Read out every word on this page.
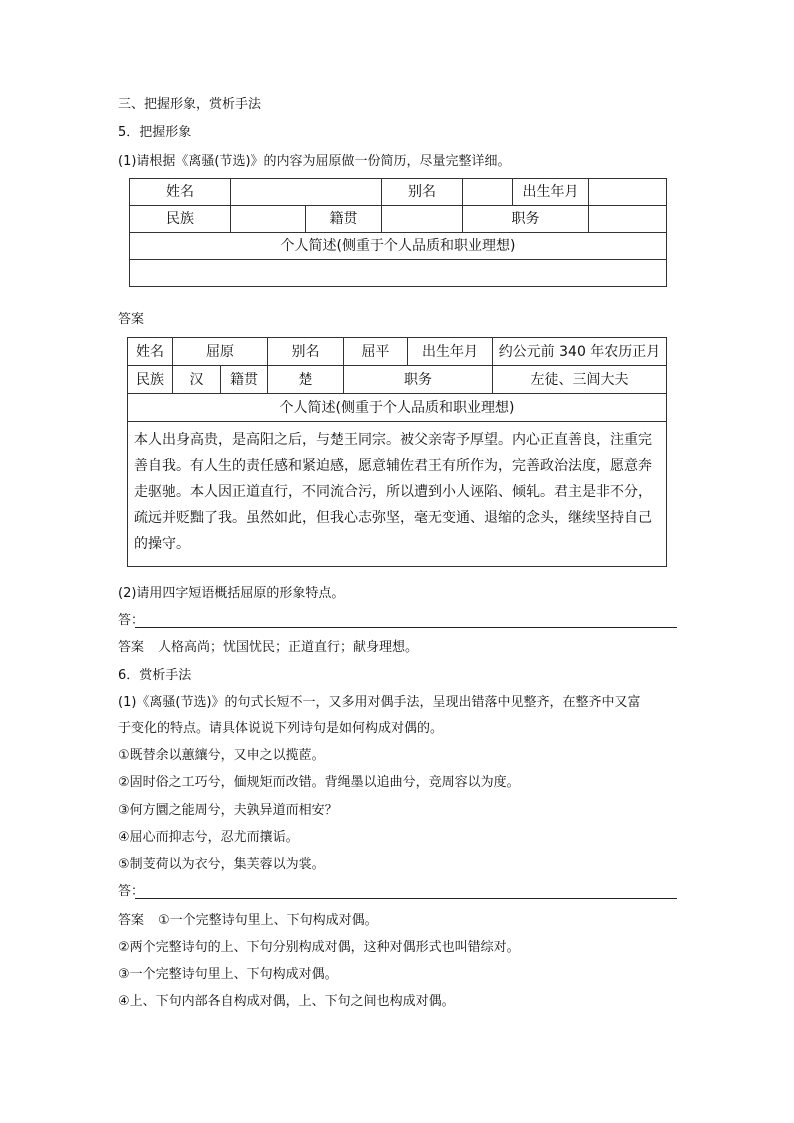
三、把握形象，赏析手法
5．把握形象
(1)请根据《离骚(节选)》的内容为屈原做一份简历，尽量完整详细。
姓名			别名		出生年月	
民族		籍贯		职务		
个人简述(侧重于个人品质和职业理想)						

答案
姓名	屈原		别名	屈平	出生年月	约公元前 340 年农历正月
民族	汉	籍贯	楚	职务		左徒、三闾大夫
个人简述(侧重于个人品质和职业理想)						
本人出身高贵，是高阳之后，与楚王同宗。被父亲寄予厚望。内心正直善良，注重完善自我。有人生的责任感和紧迫感，愿意辅佐君王有所作为，完善政治法度，愿意奔走驱驰。本人因正道直行，不同流合污，所以遭到小人诬陷、倾轧。君主是非不分，疏远并贬黜了我。虽然如此，但我心志弥坚，毫无变通、退缩的念头，继续坚持自己的操守。						
(2)请用四字短语概括屈原的形象特点。
答：
答案 人格高尚；忧国忧民；正道直行；献身理想。
6．赏析手法
(1)《离骚(节选)》的句式长短不一，又多用对偶手法，呈现出错落中见整齐，在整齐中又富
于变化的特点。请具体说说下列诗句是如何构成对偶的。
①既替余以蕙纕兮，又申之以揽茝。
②固时俗之工巧兮，偭规矩而改错。背绳墨以追曲兮，竞周容以为度。
③何方圜之能周兮，夫孰异道而相安？
④屈心而抑志兮，忍尤而攘诟。
⑤制芰荷以为衣兮，集芙蓉以为裳。
答：
答案 ①一个完整诗句里上、下句构成对偶。
②两个完整诗句的上、下句分别构成对偶，这种对偶形式也叫错综对。
③一个完整诗句里上、下句构成对偶。
④上、下句内部各自构成对偶，上、下句之间也构成对偶。
